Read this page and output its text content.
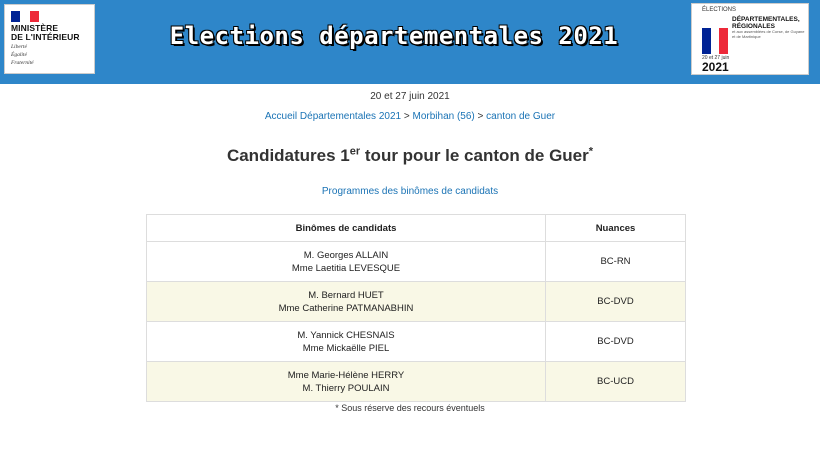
MINISTÈRE
DE L'INTÉRIEUR
Liberté
Égalité
Fraternité
Elections départementales 2021
ÉLECTIONS
DÉPARTEMENTALES,
RÉGIONALES
et aux assemblées de Corse, de Guyane et de Martinique
20 et 27 juin
2021
20 et 27 juin 2021
Accueil Départementales 2021 > Morbihan (56) > canton de Guer
Candidatures 1er tour pour le canton de Guer*
Programmes des binômes de candidats
Binômes de candidats	Nuances

M. Georges ALLAIN
Mme Laetitia LEVESQUE	BC-RN

M. Bernard HUET
Mme Catherine PATMANABHIN	BC-DVD

M. Yannick CHESNAIS
Mme Mickaëlle PIEL	BC-DVD

Mme Marie-Hélène HERRY
M. Thierry POULAIN	BC-UCD
* Sous réserve des recours éventuels
